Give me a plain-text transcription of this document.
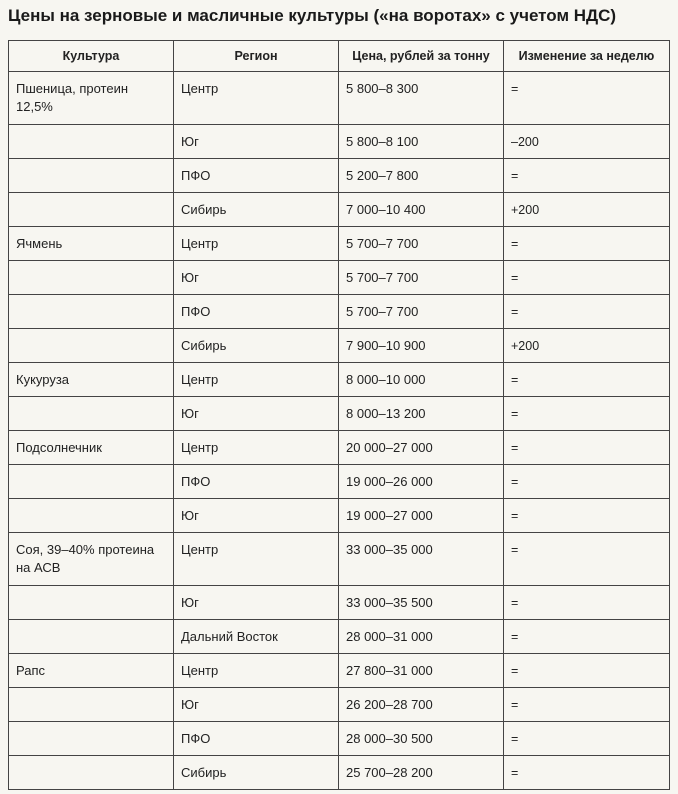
Цены на зерновые и масличные культуры («на воротах» с учетом НДС)
Культура	Регион	Цена, рублей за тонну	Изменение за неделю
Пшеница, протеин 12,5%	Центр	5 800–8 300	=
	Юг	5 800–8 100	–200
	ПФО	5 200–7 800	=
	Сибирь	7 000–10 400	+200
Ячмень	Центр	5 700–7 700	=
	Юг	5 700–7 700	=
	ПФО	5 700–7 700	=
	Сибирь	7 900–10 900	+200
Кукуруза	Центр	8 000–10 000	=
	Юг	8 000–13 200	=
Подсолнечник	Центр	20 000–27 000	=
	ПФО	19 000–26 000	=
	Юг	19 000–27 000	=
Соя, 39–40% протеина на АСВ	Центр	33 000–35 000	=
	Юг	33 000–35 500	=
	Дальний Восток	28 000–31 000	=
Рапс	Центр	27 800–31 000	=
	Юг	26 200–28 700	=
	ПФО	28 000–30 500	=
	Сибирь	25 700–28 200	=
